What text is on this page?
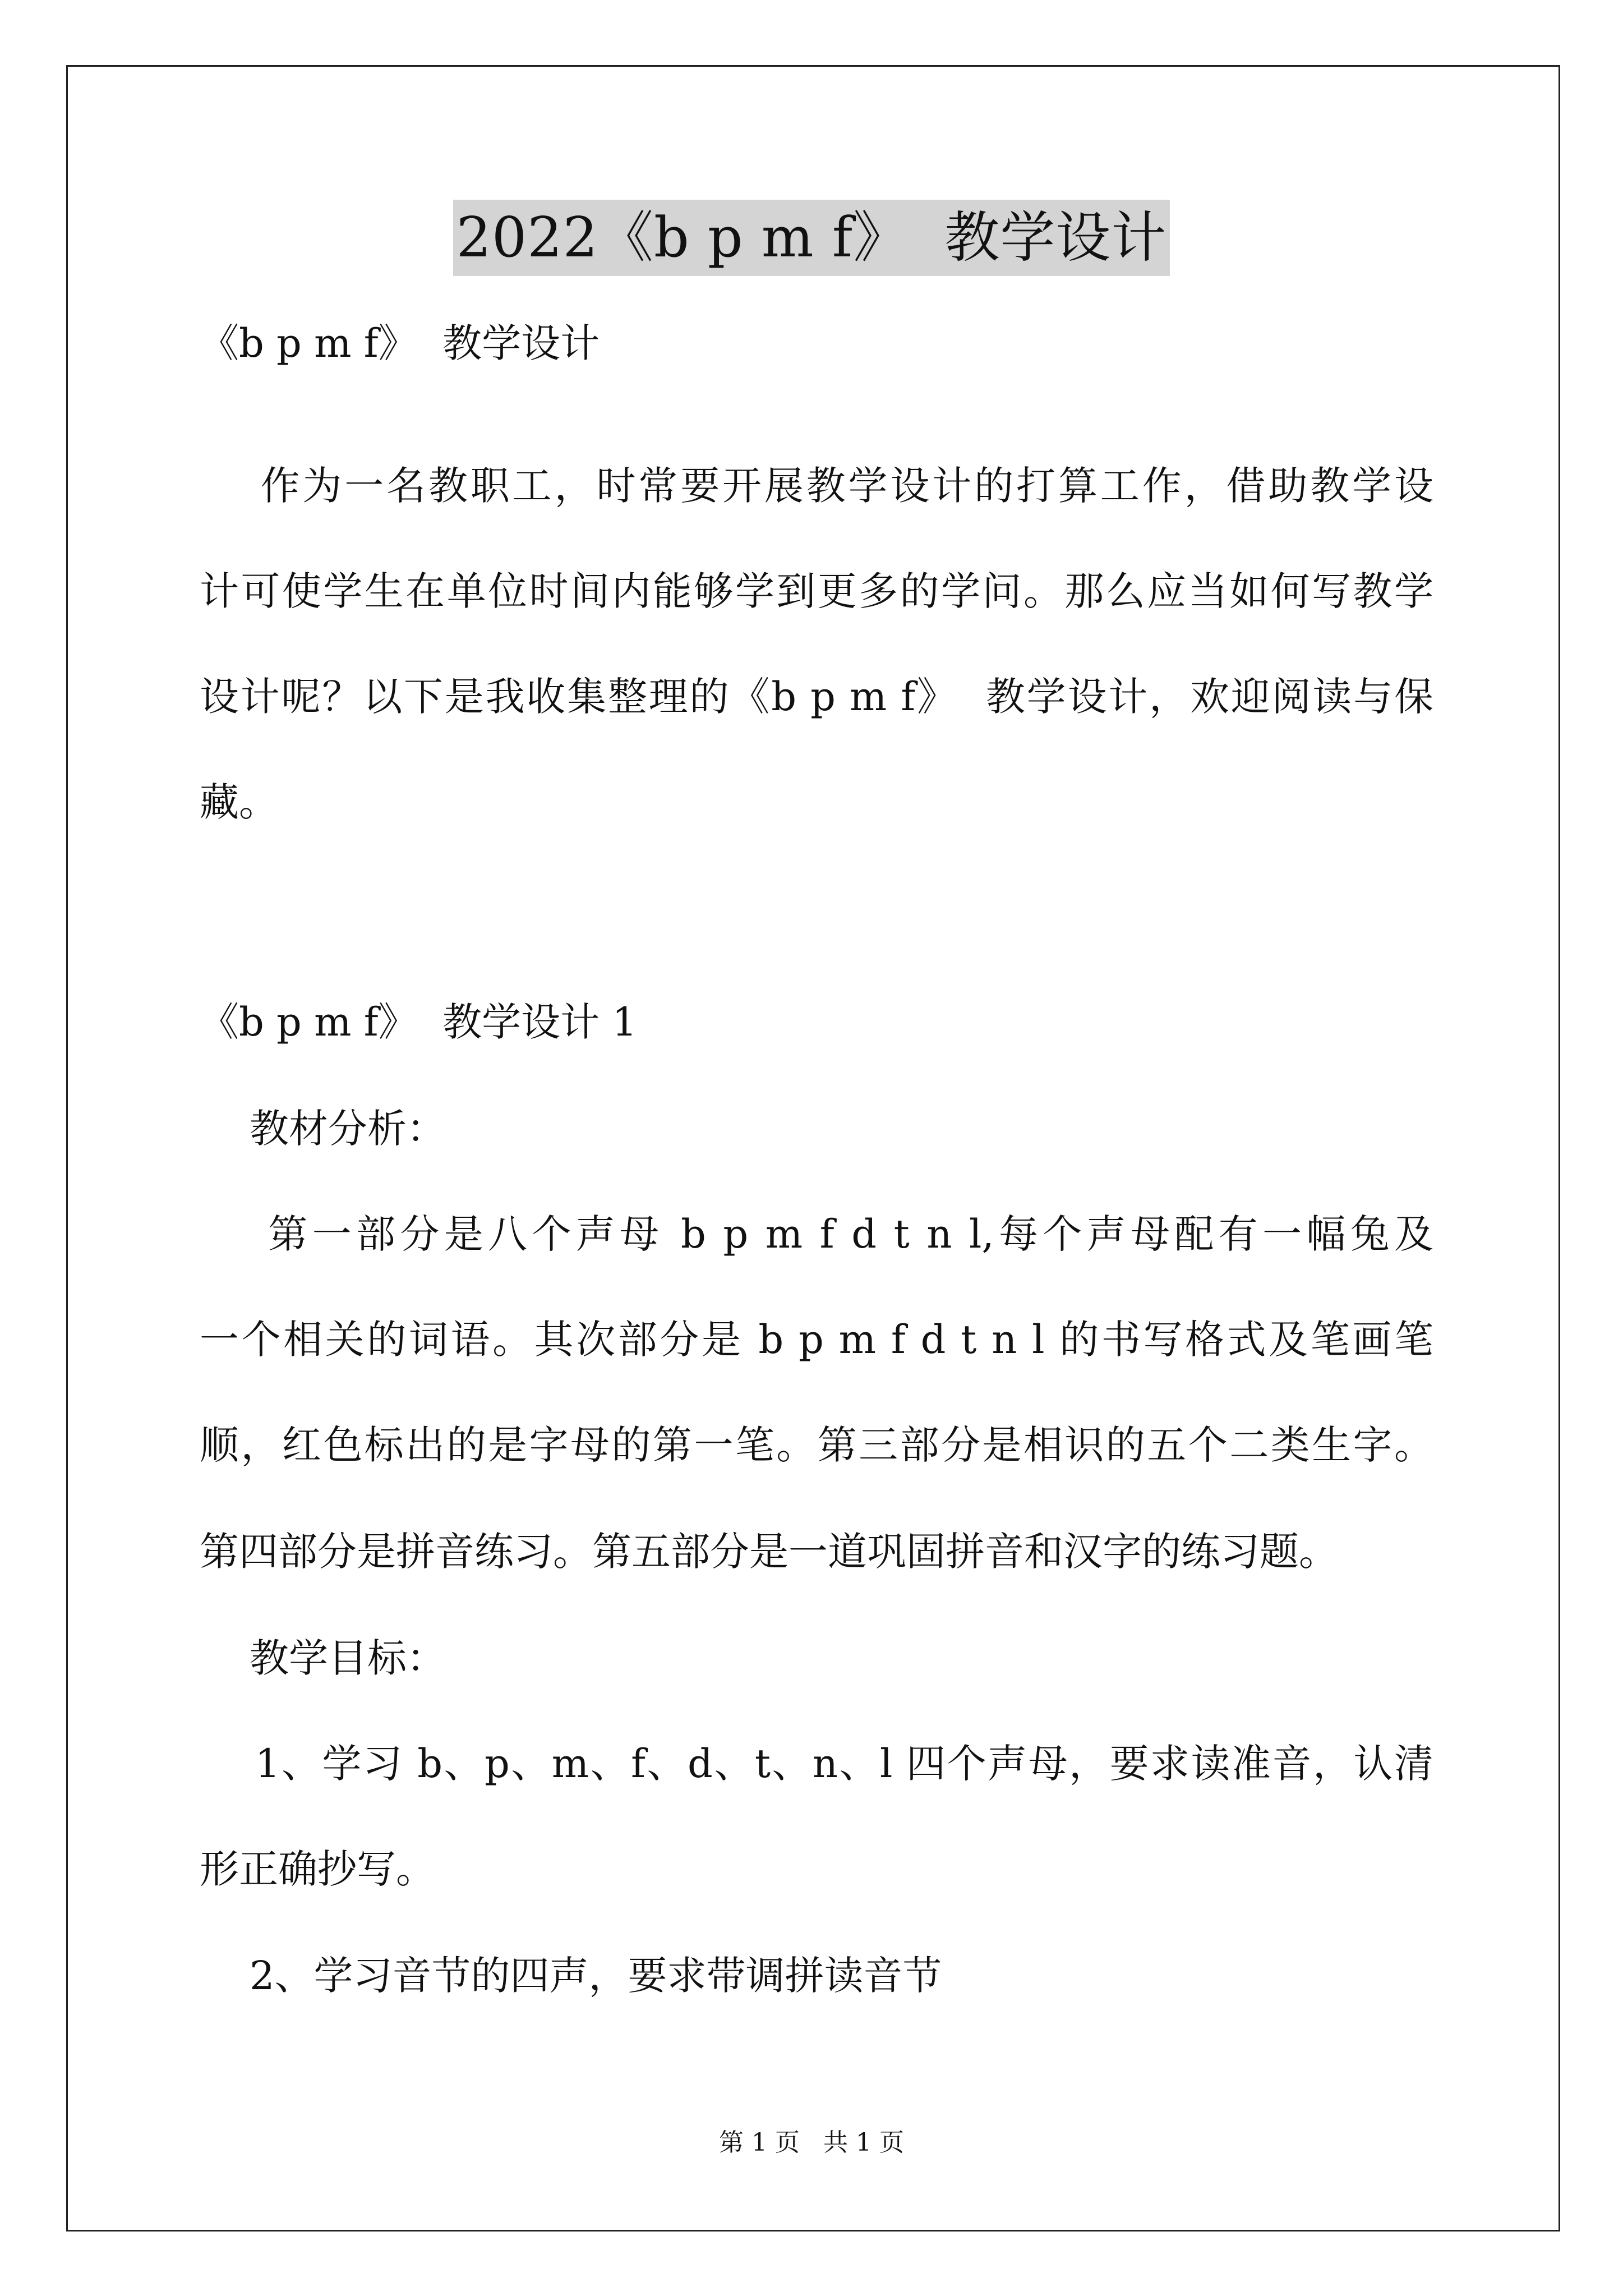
2022《b p m f》  教学设计
《b p m f》  教学设计
作为一名教职工，时常要开展教学设计的打算工作，借助教学设
计可使学生在单位时间内能够学到更多的学问。那么应当如何写教学
设计呢？以下是我收集整理的《b p m f》  教学设计，欢迎阅读与保
藏。
《b p m f》  教学设计 1
教材分析：
第一部分是八个声母 b p m f d t n l,每个声母配有一幅兔及
一个相关的词语。其次部分是 b p m f d t n l 的书写格式及笔画笔
顺，红色标出的是字母的第一笔。第三部分是相识的五个二类生字。
第四部分是拼音练习。第五部分是一道巩固拼音和汉字的练习题。
教学目标：
1、学习 b、p、m、f、d、t、n、l 四个声母，要求读准音，认清
形正确抄写。
2、学习音节的四声，要求带调拼读音节
第 1 页   共 1 页
